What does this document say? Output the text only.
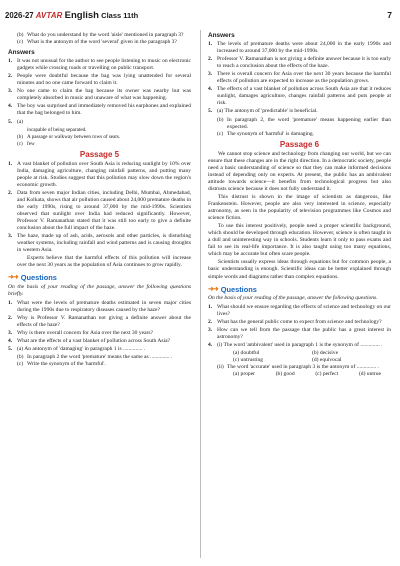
2026-27 AVTAR English Class 11th	7
(b) What do you understand by the word 'aisle' mentioned in paragraph 3?
(c) What is the antonym of the word 'several' given in the paragraph 3?
Answers
1. It was not unusual for the author to see people listening to music on electronic gadgets while crossing roads or travelling on public transport.
2. People were doubtful because the bag was lying unattended for several minutes and no one came forward to claim it.
3. No one came to claim the bag because its owner was nearby but was completely absorbed in music and unaware of what was happening.
4. The boy was surprised and immediately removed his earphones and explained that the bag belonged to him.
5. (a)
incapable of being separated.
(b) A passage or walkway between rows of seats.
(c) few
Passage 5
1. A vast blanket of pollution over South Asia is reducing sunlight by 10% over India, damaging agriculture, changing rainfall patterns, and putting many people at risk. Studies suggest that this pollution may slow down the region's economic growth.
2. Data from seven major Indian cities, including Delhi, Mumbai, Ahmedabad, and Kolkata, shows that air pollution caused about 24,000 premature deaths in the early 1990s, rising to around 37,000 by the mid-1990s. Scientists observed that sunlight over India had reduced significantly. However, Professor V. Ramanathan stated that it was still too early to give a definite conclusion about the full impact of the haze.
3. The haze, made up of ash, acids, aerosols and other particles, is disturbing weather systems, including rainfall and wind patterns and is causing droughts in western Asia.
Experts believe that the harmful effects of this pollution will increase over the next 30 years as the population of Asia continues to grow rapidly.
➜➜ Questions
On the basis of your reading of the passage, answer the following questions briefly.
1. What were the levels of premature deaths estimated in seven major cities during the 1990s due to respiratory diseases caused by the haze?
2. Why is Professor V. Ramanathan not giving a definite answer about the effects of the haze?
3. Why is there overall concern for Asia over the next 30 years?
4. What are the effects of a vast blanket of pollution across South Asia?
5. (a) An antonym of 'damaging' in paragraph 1 is .............. .
(b) In paragraph 2 the word 'premature' means the same as .............. .
(c) Write the synonym of the 'harmful'.
Answers
1. The levels of premature deaths were about 24,000 in the early 1990s and increased to around 37,000 by the mid-1990s.
2. Professor V. Ramanathan is not giving a definite answer because it is too early to reach a conclusion about the effects of the haze.
3. There is overall concern for Asia over the next 30 years because the harmful effects of pollution are expected to increase as the population grows.
4. The effects of a vast blanket of pollution across South Asia are that it reduces sunlight, damages agriculture, changes rainfall patterns and puts people at risk.
5. (a) The antonym of 'predictable' is beneficial.
(b) In paragraph 2, the word 'premature' means happening earlier than expected.
(c) The synonym of 'harmful' is damaging.
Passage 6
We cannot stop science and technology from changing our world, but we can ensure that these changes are in the right direction. In a democratic society, people need a basic understanding of science so that they can make informed decisions instead of depending only on experts. At present, the public has an ambivalent attitude towards science—it benefits from technological progress but also distrusts science because it does not fully understand it.
This distrust is shown in the image of scientists as dangerous, like Frankenstein. However, people are also very interested in science, especially astronomy, as seen in the popularity of television programmes like Cosmos and science fiction.
To use this interest positively, people need a proper scientific background, which should be developed through education. However, science is often taught in a dull and uninteresting way in schools. Students learn it only to pass exams and fail to see its real-life importance. It is also taught using too many equations, which may be accurate but often scare people.
Scientists usually express ideas through equations but for common people, a basic understanding is enough. Scientific ideas can be better explained through simple words and diagrams rather than complex equations.
➜➜ Questions
On the basis of your reading of the passage, answer the following questions.
1. What should we ensure regarding the effects of science and technology on our lives?
2. What has the general public come to expect from science and technology?
3. How can we tell from the passage that the public has a great interest in astronomy?
4. (i) The word 'ambivalent' used in paragraph 1 is the synonym of .............. .
(a) doubtful	(b) decisive
(c) untrusting	(d) equivocal
(ii) The word 'accurate' used in paragraph 3 is the antonym of .............. .
(a) proper	(b) good	(c) perfect	(d) untrue
